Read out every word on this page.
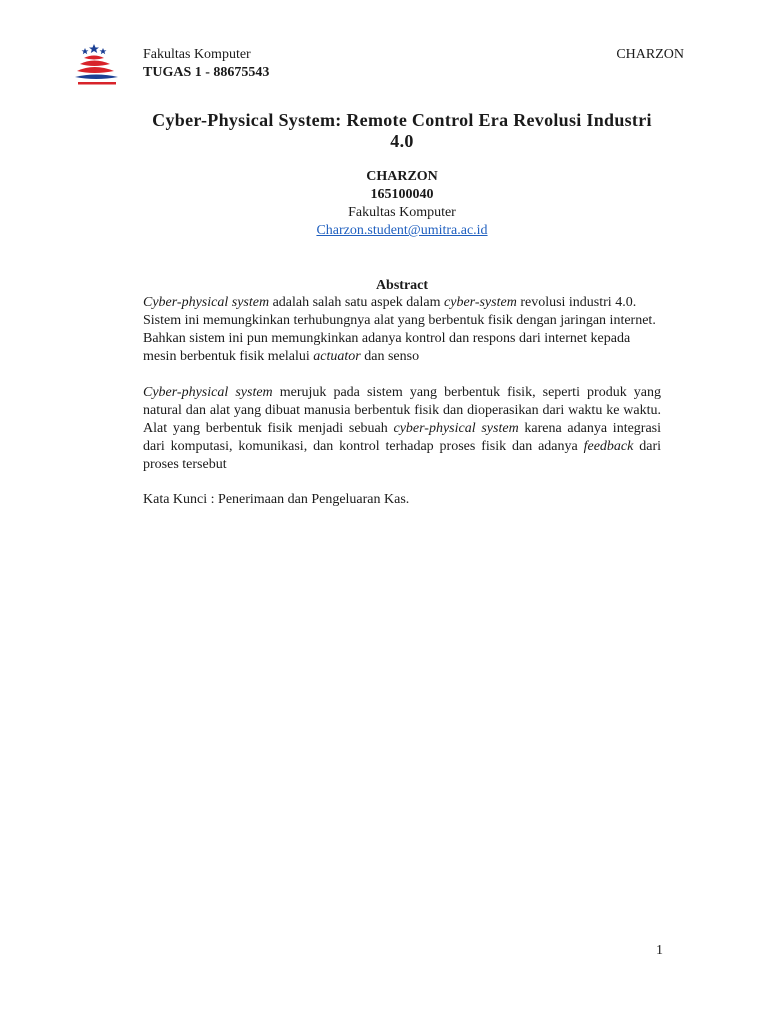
Fakultas Komputer
TUGAS 1 - 88675543
CHARZON
Cyber-Physical System: Remote Control Era Revolusi Industri 4.0
CHARZON
165100040
Fakultas Komputer
Charzon.student@umitra.ac.id
Abstract
Cyber-physical system adalah salah satu aspek dalam cyber-system revolusi industri 4.0. Sistem ini memungkinkan terhubungnya alat yang berbentuk fisik dengan jaringan internet. Bahkan sistem ini pun memungkinkan adanya kontrol dan respons dari internet kepada mesin berbentuk fisik melalui actuator dan senso
Cyber-physical system merujuk pada sistem yang berbentuk fisik, seperti produk yang natural dan alat yang dibuat manusia berbentuk fisik dan dioperasikan dari waktu ke waktu. Alat yang berbentuk fisik menjadi sebuah cyber-physical system karena adanya integrasi dari komputasi, komunikasi, dan kontrol terhadap proses fisik dan adanya feedback dari proses tersebut
Kata Kunci : Penerimaan dan Pengeluaran Kas.
1
